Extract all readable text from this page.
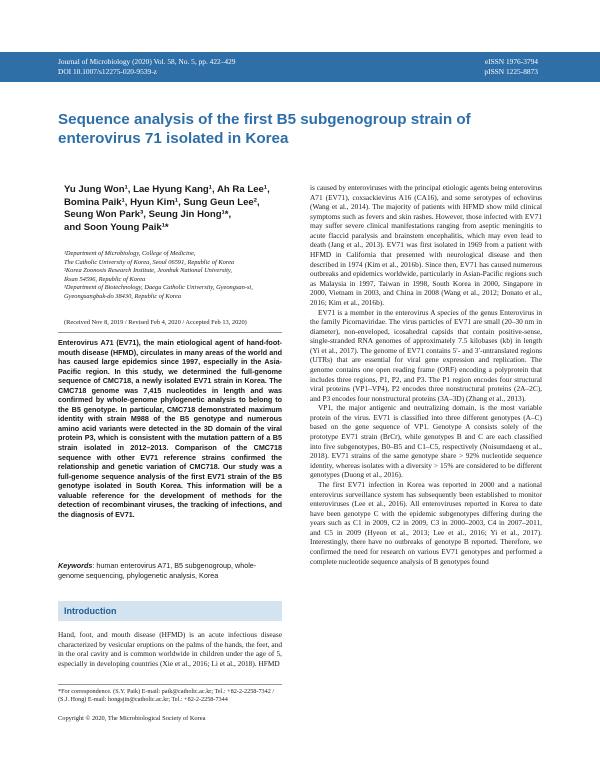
Journal of Microbiology (2020) Vol. 58, No. 5, pp. 422–429
DOI 10.1007/s12275-020-9539-z
eISSN 1976-3794
pISSN 1225-8873
Sequence analysis of the first B5 subgenogroup strain of enterovirus 71 isolated in Korea
Yu Jung Won¹, Lae Hyung Kang¹, Ah Ra Lee¹,
Bomina Paik¹, Hyun Kim¹, Sung Geun Lee²,
Seung Won Park³, Seung Jin Hong¹*,
and Soon Young Paik¹*
¹Department of Microbiology, College of Medicine,
The Catholic University of Korea, Seoul 06591, Republic of Korea
²Korea Zoonosis Research Institute, Jeonbuk National University,
Iksan 54596, Republic of Korea
³Department of Biotechnology, Daegu Catholic University, Gyeongsan-si,
Gyeongsangbuk-do 38430, Republic of Korea
(Received Nov 8, 2019 / Revised Feb 4, 2020 / Accepted Feb 13, 2020)
Enterovirus A71 (EV71), the main etiological agent of hand-foot-mouth disease (HFMD), circulates in many areas of the world and has caused large epidemics since 1997, especially in the Asia-Pacific region. In this study, we determined the full-genome sequence of CMC718, a newly isolated EV71 strain in Korea. The CMC718 genome was 7,415 nucleotides in length and was confirmed by whole-genome phylogenetic analysis to belong to the B5 genotype. In particular, CMC718 demonstrated maximum identity with strain M988 of the B5 genotype and numerous amino acid variants were detected in the 3D domain of the viral protein P3, which is consistent with the mutation pattern of a B5 strain isolated in 2012–2013. Comparison of the CMC718 sequence with other EV71 reference strains confirmed the relationship and genetic variation of CMC718. Our study was a full-genome sequence analysis of the first EV71 strain of the B5 genotype isolated in South Korea. This information will be a valuable reference for the development of methods for the detection of recombinant viruses, the tracking of infections, and the diagnosis of EV71.
Keywords: human enterovirus A71, B5 subgenogroup, whole-genome sequencing, phylogenetic analysis, Korea
Introduction
Hand, foot, and mouth disease (HFMD) is an acute infectious disease characterized by vesicular eruptions on the palms of the hands, the feet, and in the oral cavity and is common worldwide in children under the age of 5, especially in developing countries (Xie et al., 2016; Li et al., 2018). HFMD
*For correspondence. (S.Y. Paik) E-mail: paik@catholic.ac.kr; Tel.: +82-2-2258-7342 / (S.J. Hong) E-mail: hongsjin@catholic.ac.kr; Tel.: +82-2-2258-7344
Copyright © 2020, The Microbiological Society of Korea

is caused by enteroviruses with the principal etiologic agents being enterovirus A71 (EV71), coxsackievirus A16 (CA16), and some serotypes of echovirus (Wang et al., 2014). The majority of patients with HFMD show mild clinical symptoms such as fevers and skin rashes. However, those infected with EV71 may suffer severe clinical manifestations ranging from aseptic meningitis to acute flaccid paralysis and brainstem encephalitis, which may even lead to death (Jang et al., 2013). EV71 was first isolated in 1969 from a patient with HFMD in California that presented with neurological disease and then described in 1974 (Kim et al., 2016b). Since then, EV71 has caused numerous outbreaks and epidemics worldwide, particularly in Asian-Pacific regions such as Malaysia in 1997, Taiwan in 1998, South Korea in 2000, Singapore in 2000, Vietnam in 2003, and China in 2008 (Wang et al., 2012; Donato et al., 2016; Kim et al., 2016b).

EV71 is a member in the enterovirus A species of the genus Enterovirus in the family Picornaviridae. The virus particles of EV71 are small (20–30 nm in diameter), non-enveloped, icosahedral capsids that contain positive-sense, single-stranded RNA genomes of approximately 7.5 kilobases (kb) in length (Yi et al., 2017). The genome of EV71 contains 5′- and 3′-untranslated regions (UTRs) that are essential for viral gene expression and replication. The genome contains one open reading frame (ORF) encoding a polyprotein that includes three regions, P1, P2, and P3. The P1 region encodes four structural viral proteins (VP1–VP4), P2 encodes three nonstructural proteins (2A–2C), and P3 encodes four nonstructural proteins (3A–3D) (Zhang et al., 2013).

VP1, the major antigenic and neutralizing domain, is the most variable protein of the virus. EV71 is classified into three different genotypes (A–C) based on the gene sequence of VP1. Genotype A consists solely of the prototype EV71 strain (BrCr), while genotypes B and C are each classified into five subgenotypes, B0–B5 and C1–C5, respectively (Noisumdaeng et al., 2018). EV71 strains of the same genotype share > 92% nucleotide sequence identity, whereas isolates with a diversity > 15% are considered to be different genotypes (Duong et al., 2016).

The first EV71 infection in Korea was reported in 2000 and a national enterovirus surveillance system has subsequently been established to monitor enteroviruses (Lee et al., 2016). All enteroviruses reported in Korea to date have been genotype C with the epidemic subgenotypes differing during the years such as C1 in 2009, C2 in 2009, C3 in 2000–2003, C4 in 2007–2011, and C5 in 2009 (Hyeon et al., 2013; Lee et al., 2016; Yi et al., 2017). Interestingly, there have no outbreaks of genotype B reported. Therefore, we confirmed the need for research on various EV71 genotypes and performed a complete nucleotide sequence analysis of B genotypes found
